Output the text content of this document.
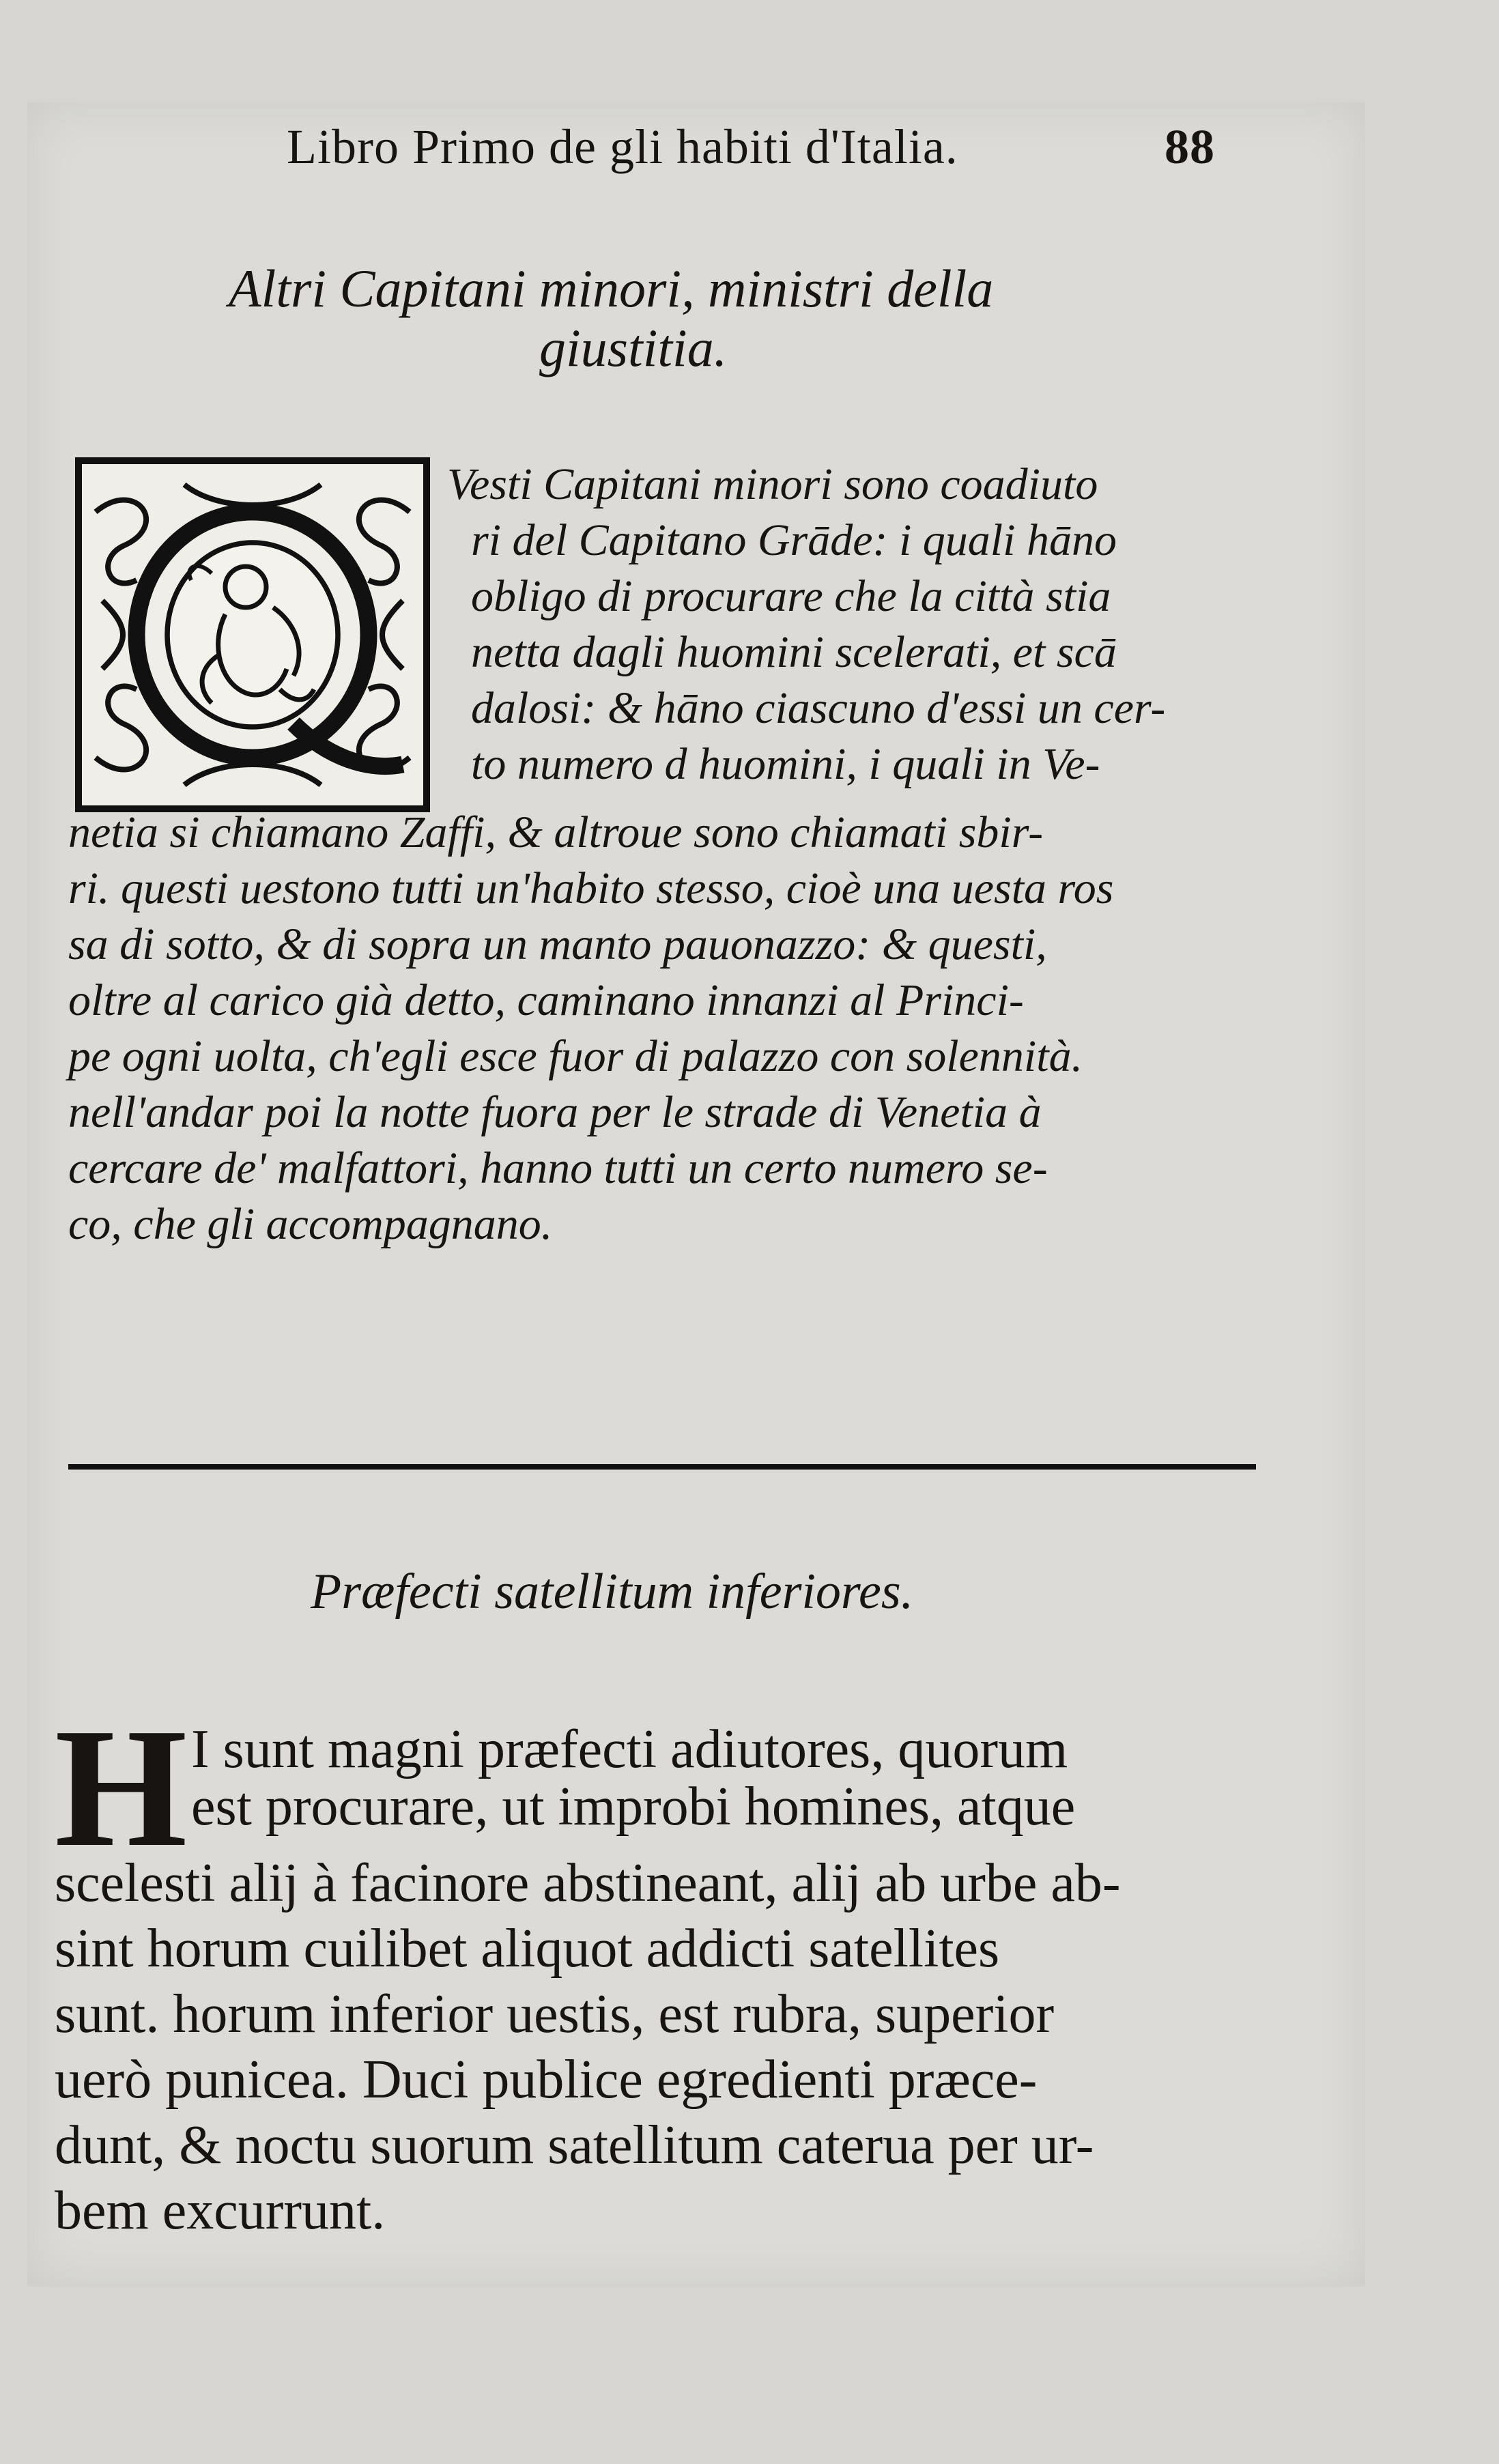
Libro Primo de gli habiti d'Italia.	88
Altri Capitani minori, ministri della
giustitia.
Vesti Capitani minori sono coadiuto
ri del Capitano Grāde: i quali hāno
obligo di procurare che la città stia
netta dagli huomini scelerati, et scā
dalosi: & hāno ciascuno d'essi un cer-
to numero d huomini, i quali in Ve-
netia si chiamano Zaffi, & altroue sono chiamati sbir-
ri. questi uestono tutti un'habito stesso, cioè una uesta ros
sa di sotto, & di sopra un manto pauonazzo: & questi,
oltre al carico già detto, caminano innanzi al Princi-
pe ogni uolta, ch'egli esce fuor di palazzo con solennità.
nell'andar poi la notte fuora per le strade di Venetia à
cercare de' malfattori, hanno tutti un certo numero se-
co, che gli accompagnano.
Præfecti satellitum inferiores.
H I sunt magni præfecti adiutores, quorum
est procurare, ut improbi homines, atque
scelesti alij à facinore abstineant, alij ab urbe ab-
sint horum cuilibet aliquot addicti satellites
sunt. horum inferior uestis, est rubra, superior
uerò punicea. Duci publice egredienti præce-
dunt, & noctu suorum satellitum caterua per ur-
bem excurrunt.
